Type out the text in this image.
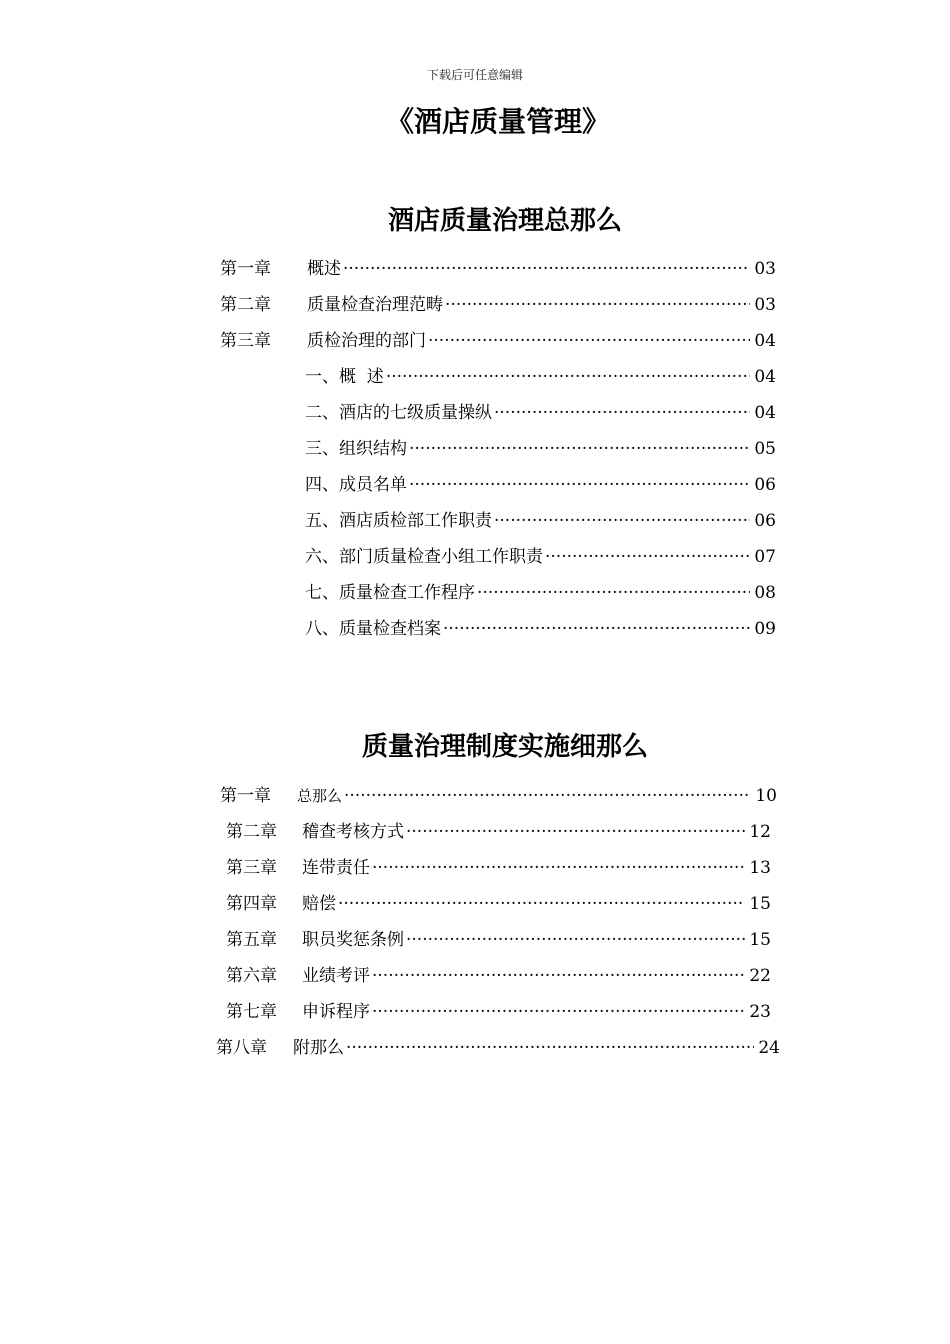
下载后可任意编辑
《酒店质量管理》
酒店质量治理总那么
第一章	概述 ·····	03
第二章	质量检查治理范畴 ·····	03
第三章	质检治理的部门 ·····	04
一、概  述 ·····	04
二、酒店的七级质量操纵 ·····	04
三、组织结构 ·····	05
四、成员名单 ·····	06
五、酒店质检部工作职责 ·····	06
六、部门质量检查小组工作职责 ·····	07
七、质量检查工作程序 ·····	08
八、质量检查档案 ·····	09
质量治理制度实施细那么
第一章	总那么 ·····	10
第二章	稽查考核方式 ·····	12
第三章	连带责任 ·····	13
第四章	赔偿 ·····	15
第五章	职员奖惩条例 ·····	15
第六章	业绩考评 ·····	22
第七章	申诉程序 ·····	23
第八章	附那么 ·····	24
